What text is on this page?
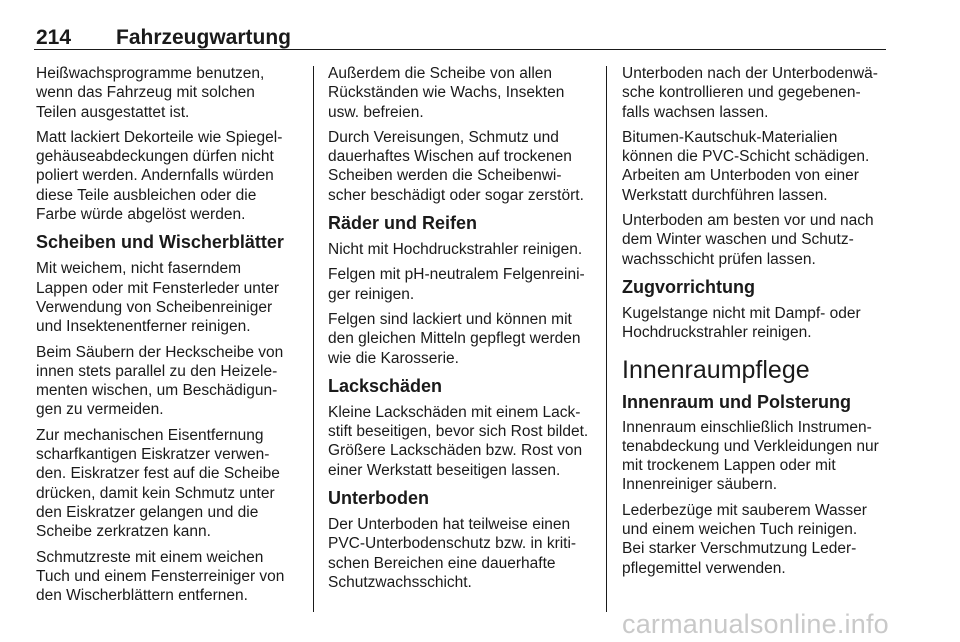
214 Fahrzeugwartung

Heißwachsprogramme benutzen,
wenn das Fahrzeug mit solchen
Teilen ausgestattet ist.

Matt lackiert Dekorteile wie Spiegel‐
gehäuseabdeckungen dürfen nicht
poliert werden. Andernfalls würden
diese Teile ausbleichen oder die
Farbe würde abgelöst werden.

Scheiben und Wischerblätter

Mit weichem, nicht faserndem
Lappen oder mit Fensterleder unter
Verwendung von Scheibenreiniger
und Insektenentferner reinigen.

Beim Säubern der Heckscheibe von
innen stets parallel zu den Heizele‐
menten wischen, um Beschädigun‐
gen zu vermeiden.

Zur mechanischen Eisentfernung
scharfkantigen Eiskratzer verwen‐
den. Eiskratzer fest auf die Scheibe
drücken, damit kein Schmutz unter
den Eiskratzer gelangen und die
Scheibe zerkratzen kann.

Schmutzreste mit einem weichen
Tuch und einem Fensterreiniger von
den Wischerblättern entfernen.

Außerdem die Scheibe von allen
Rückständen wie Wachs, Insekten
usw. befreien.

Durch Vereisungen, Schmutz und
dauerhaftes Wischen auf trockenen
Scheiben werden die Scheibenwi‐
scher beschädigt oder sogar zerstört.

Räder und Reifen

Nicht mit Hochdruckstrahler reinigen.

Felgen mit pH-neutralem Felgenreini‐
ger reinigen.

Felgen sind lackiert und können mit
den gleichen Mitteln gepflegt werden
wie die Karosserie.

Lackschäden

Kleine Lackschäden mit einem Lack‐
stift beseitigen, bevor sich Rost bildet.
Größere Lackschäden bzw. Rost von
einer Werkstatt beseitigen lassen.

Unterboden

Der Unterboden hat teilweise einen
PVC-Unterbodenschutz bzw. in kriti‐
schen Bereichen eine dauerhafte
Schutzwachsschicht.

Unterboden nach der Unterbodenwä‐
sche kontrollieren und gegebenen‐
falls wachsen lassen.

Bitumen-Kautschuk-Materialien
können die PVC-Schicht schädigen.
Arbeiten am Unterboden von einer
Werkstatt durchführen lassen.

Unterboden am besten vor und nach
dem Winter waschen und Schutz‐
wachsschicht prüfen lassen.

Zugvorrichtung

Kugelstange nicht mit Dampf- oder
Hochdruckstrahler reinigen.

Innenraumpflege
Innenraum und Polsterung

Innenraum einschließlich Instrumen‐
tenabdeckung und Verkleidungen nur
mit trockenem Lappen oder mit
Innenreiniger säubern.

Lederbezüge mit sauberem Wasser
und einem weichen Tuch reinigen.
Bei starker Verschmutzung Leder‐
pflegemittel verwenden.

carmanualsonline.info
